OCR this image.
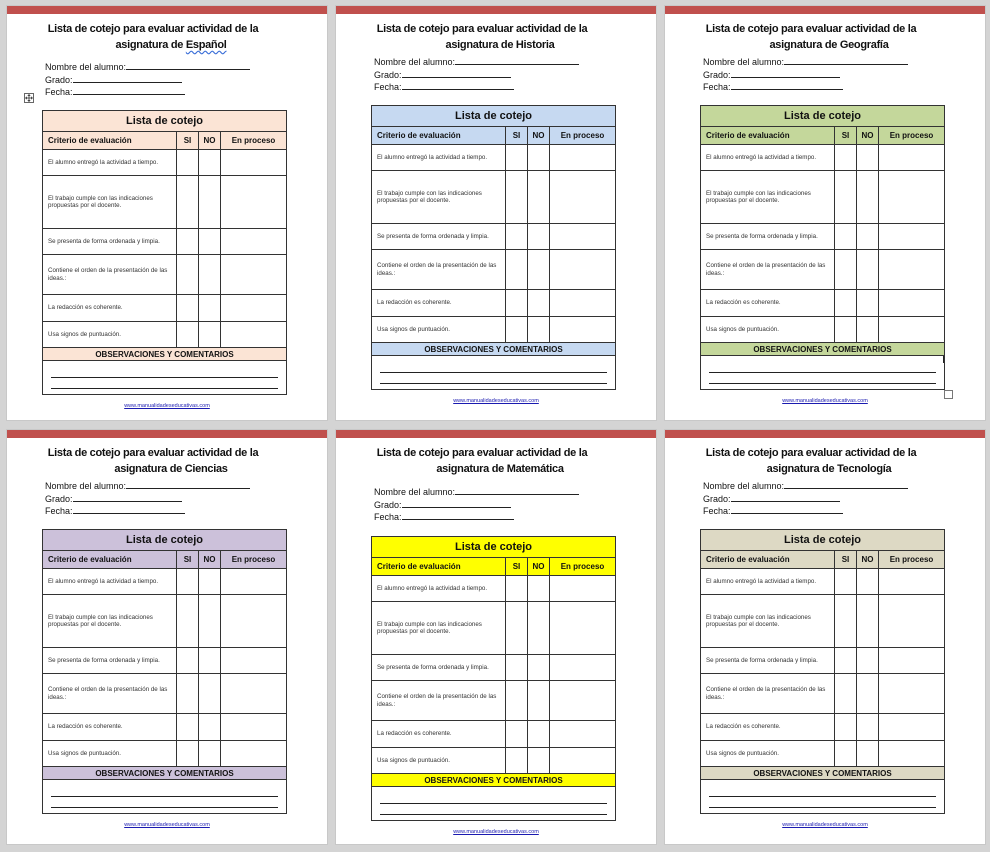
Lista de cotejo para evaluar actividad de la
asignatura de Español
Nombre del alumno:
Grado:
Fecha:
Lista de cotejo			
Criterio de evaluación	SI	NO	En proceso
El alumno entregó la actividad a tiempo.			
El trabajo cumple con las indicaciones propuestas por el docente.			
Se presenta de forma ordenada y limpia.			
Contiene el orden de la presentación de las ideas.:			
La redacción es coherente.			
Usa signos de puntuación.			
OBSERVACIONES Y COMENTARIOS			

www.manualidadeseducativas.com
Lista de cotejo para evaluar actividad de la
asignatura de Historia
Nombre del alumno:
Grado:
Fecha:
Lista de cotejo			
Criterio de evaluación	SI	NO	En proceso
El alumno entregó la actividad a tiempo.			
El trabajo cumple con las indicaciones propuestas por el docente.			
Se presenta de forma ordenada y limpia.			
Contiene el orden de la presentación de las ideas.:			
La redacción es coherente.			
Usa signos de puntuación.			
OBSERVACIONES Y COMENTARIOS			

www.manualidadeseducativas.com
Lista de cotejo para evaluar actividad de la
asignatura de Geografía
Nombre del alumno:
Grado:
Fecha:
Lista de cotejo			
Criterio de evaluación	SI	NO	En proceso
El alumno entregó la actividad a tiempo.			
El trabajo cumple con las indicaciones propuestas por el docente.			
Se presenta de forma ordenada y limpia.			
Contiene el orden de la presentación de las ideas.:			
La redacción es coherente.			
Usa signos de puntuación.			
OBSERVACIONES Y COMENTARIOS			

www.manualidadeseducativas.com
Lista de cotejo para evaluar actividad de la
asignatura de Ciencias
Nombre del alumno:
Grado:
Fecha:
Lista de cotejo			
Criterio de evaluación	SI	NO	En proceso
El alumno entregó la actividad a tiempo.			
El trabajo cumple con las indicaciones propuestas por el docente.			
Se presenta de forma ordenada y limpia.			
Contiene el orden de la presentación de las ideas.:			
La redacción es coherente.			
Usa signos de puntuación.			
OBSERVACIONES Y COMENTARIOS			

www.manualidadeseducativas.com
Lista de cotejo para evaluar actividad de la
asignatura de Matemática
Nombre del alumno:
Grado:
Fecha:
Lista de cotejo			
Criterio de evaluación	SI	NO	En proceso
El alumno entregó la actividad a tiempo.			
El trabajo cumple con las indicaciones propuestas por el docente.			
Se presenta de forma ordenada y limpia.			
Contiene el orden de la presentación de las ideas.:			
La redacción es coherente.			
Usa signos de puntuación.			
OBSERVACIONES Y COMENTARIOS			

www.manualidadeseducativas.com
Lista de cotejo para evaluar actividad de la
asignatura de Tecnología
Nombre del alumno:
Grado:
Fecha:
Lista de cotejo			
Criterio de evaluación	SI	NO	En proceso
El alumno entregó la actividad a tiempo.			
El trabajo cumple con las indicaciones propuestas por el docente.			
Se presenta de forma ordenada y limpia.			
Contiene el orden de la presentación de las ideas.:			
La redacción es coherente.			
Usa signos de puntuación.			
OBSERVACIONES Y COMENTARIOS			

www.manualidadeseducativas.com
